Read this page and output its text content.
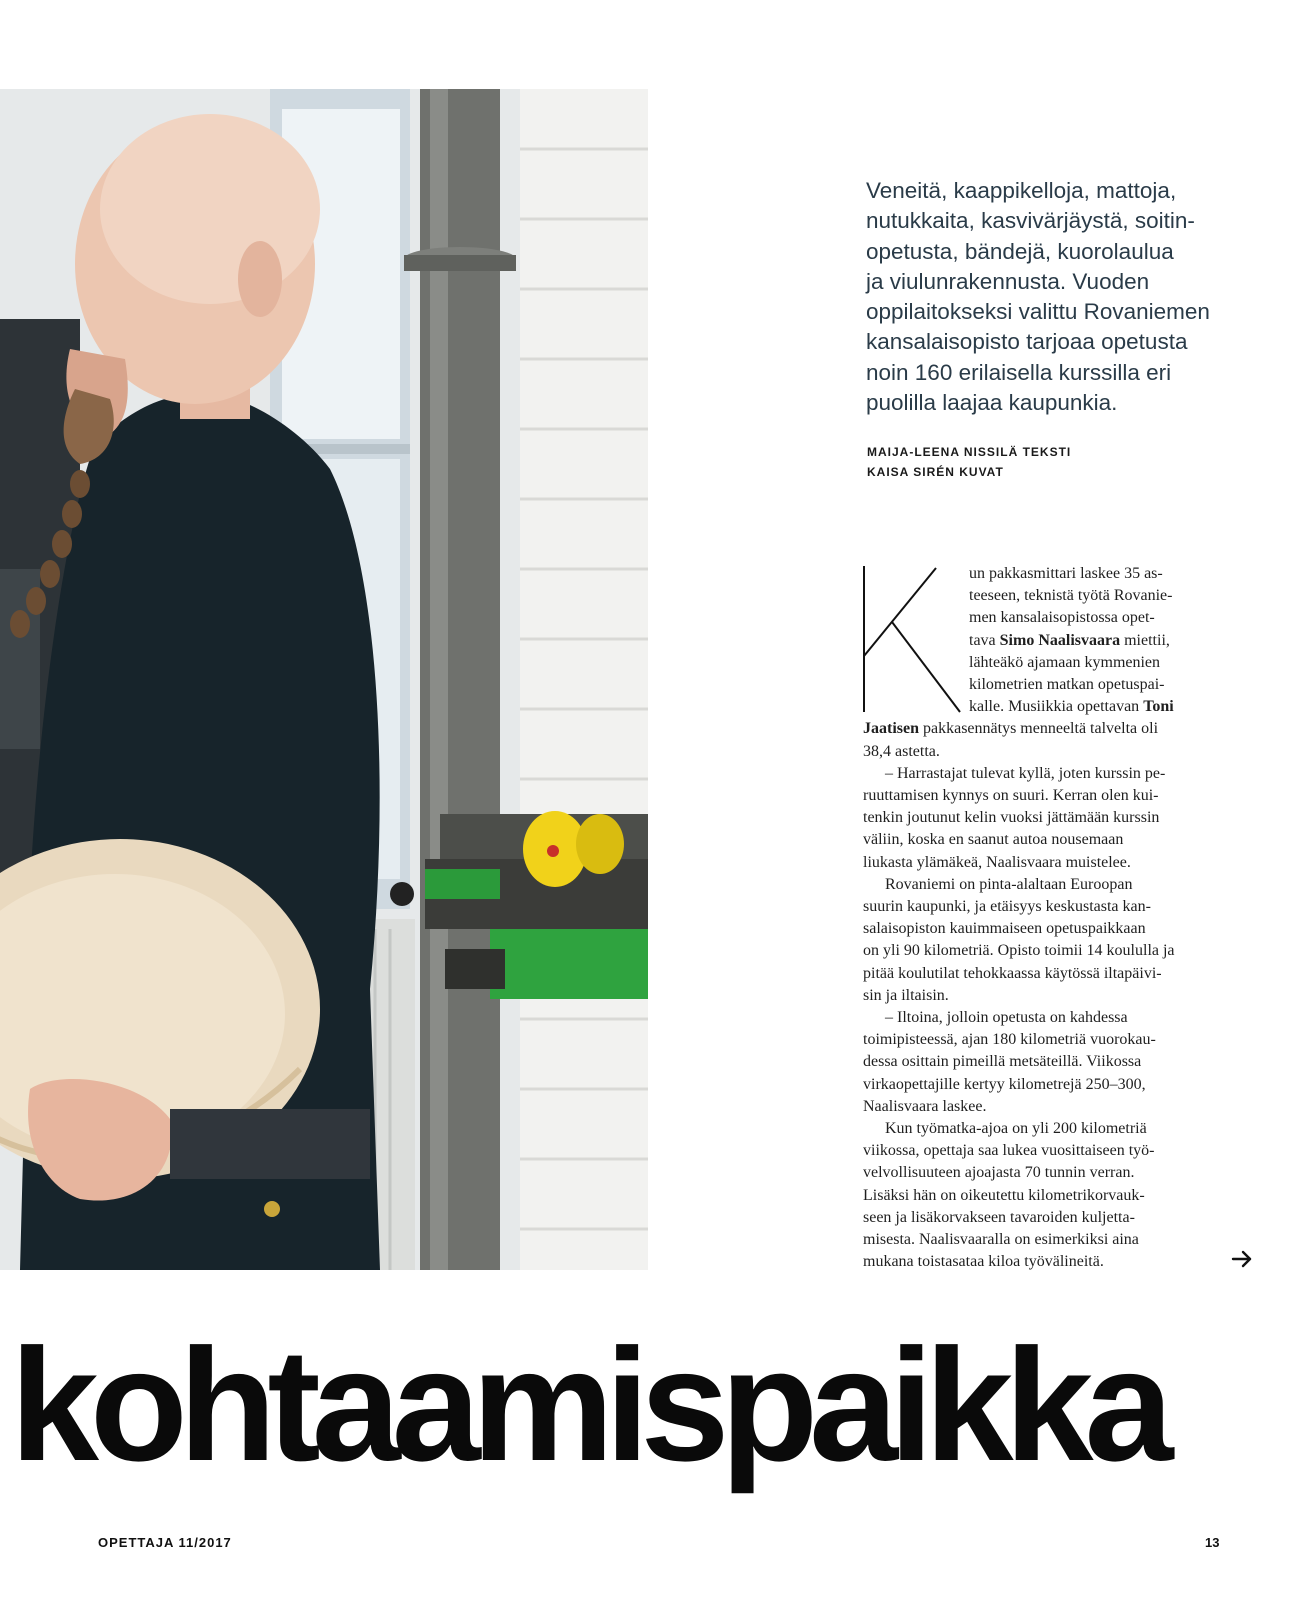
Veneitä, kaappikelloja, mattoja,
nutukkaita, kasvivärjäystä, soitin-
opetusta, bändejä, kuorolaulua
ja viulunrakennusta. Vuoden
oppilaitokseksi valittu Rovaniemen
kansalaisopisto tarjoaa opetusta
noin 160 erilaisella kurssilla eri
puolilla laajaa kaupunkia.

MAIJA-LEENA NISSILÄ TEKSTI
KAISA SIRÉN KUVAT
un pakkasmittari laskee 35 as-
teeseen, teknistä työtä Rovanie-
men kansalaisopistossa opet-
tava Simo Naalisvaara miettii,
lähteäkö ajamaan kymmenien
kilometrien matkan opetuspai-
kalle. Musiikkia opettavan Toni
Jaatisen pakkasennätys menneeltä talvelta oli
38,4 astetta.
– Harrastajat tulevat kyllä, joten kurssin pe-
ruuttamisen kynnys on suuri. Kerran olen kui-
tenkin joutunut kelin vuoksi jättämään kurssin
väliin, koska en saanut autoa nousemaan
liukasta ylämäkeä, Naalisvaara muistelee.
Rovaniemi on pinta-alaltaan Euroopan
suurin kaupunki, ja etäisyys keskustasta kan-
salaisopiston kauimmaiseen opetuspaikkaan
on yli 90 kilometriä. Opisto toimii 14 koululla ja
pitää koulutilat tehokkaassa käytössä iltapäivi-
sin ja iltaisin.
– Iltoina, jolloin opetusta on kahdessa
toimipisteessä, ajan 180 kilometriä vuorokau-
dessa osittain pimeillä metsäteillä. Viikossa
virkaopettajille kertyy kilometrejä 250–300,
Naalisvaara laskee.
Kun työmatka-ajoa on yli 200 kilometriä
viikossa, opettaja saa lukea vuosittaiseen työ-
velvollisuuteen ajoajasta 70 tunnin verran.
Lisäksi hän on oikeutettu kilometrikorvauk-
seen ja lisäkorvakseen tavaroiden kuljetta-
misesta. Naalisvaaralla on esimerkiksi aina
mukana toistasataa kiloa työvälineitä.
kohtaamispaikka
OPETTAJA 11/2017	13
